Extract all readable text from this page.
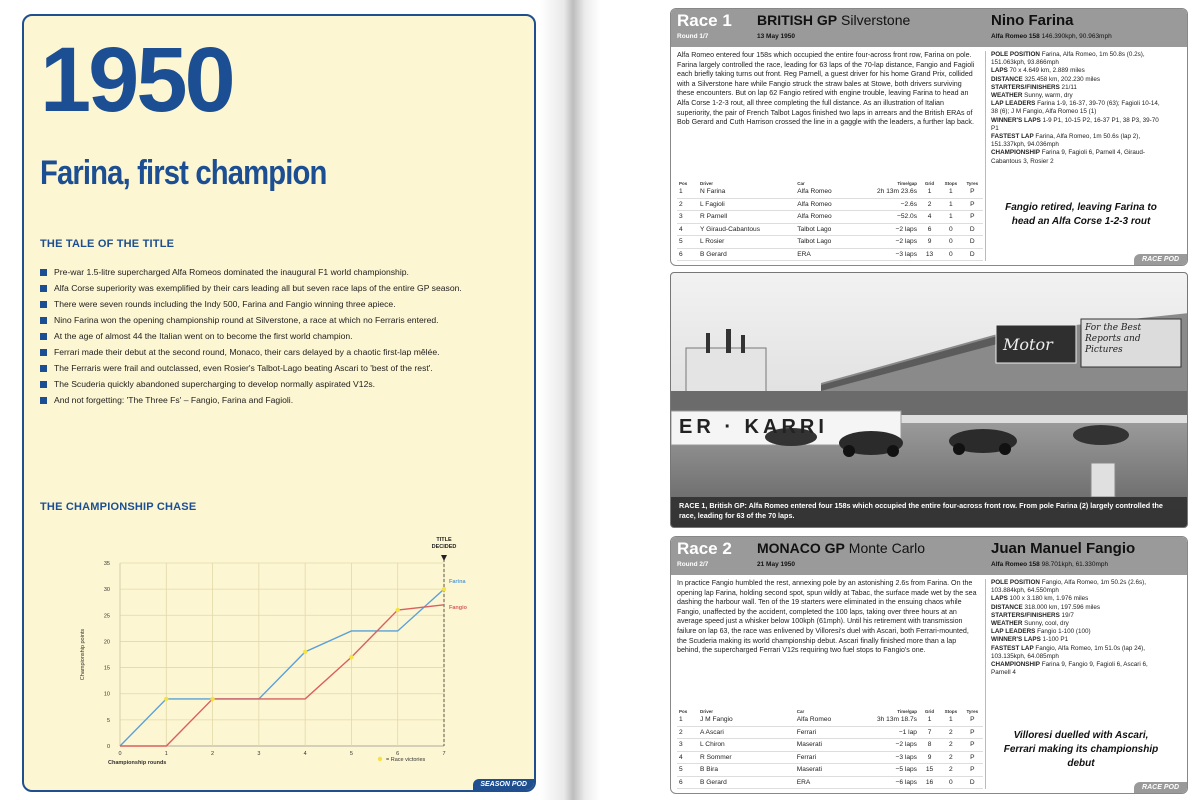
1950
Farina, first champion
THE TALE OF THE TITLE
Pre-war 1.5-litre supercharged Alfa Romeos dominated the inaugural F1 world championship.
Alfa Corse superiority was exemplified by their cars leading all but seven race laps of the entire GP season.
There were seven rounds including the Indy 500, Farina and Fangio winning three apiece.
Nino Farina won the opening championship round at Silverstone, a race at which no Ferraris entered.
At the age of almost 44 the Italian went on to become the first world champion.
Ferrari made their debut at the second round, Monaco, their cars delayed by a chaotic first-lap mêlée.
The Ferraris were frail and outclassed, even Rosier's Talbot-Lago beating Ascari to 'best of the rest'.
The Scuderia quickly abandoned supercharging to develop normally aspirated V12s.
And not forgetting: 'The Three Fs' – Fangio, Farina and Fagioli.
THE CHAMPIONSHIP CHASE
0
5
10
15
20
25
30
35
0	1	2	3	4	5	6	7
Championship points
Championship rounds
TITLE
DECIDED
Farina
Fangio
= Race victories
SEASON POD
Race 1
Round 1/7
BRITISH GP Silverstone
13 May 1950
Nino Farina
Alfa Romeo 158 146.390kph, 90.963mph
Alfa Romeo entered four 158s which occupied the entire four-across front row, Farina on pole. Farina largely controlled the race, leading for 63 laps of the 70-lap distance, Fangio and Fagioli each briefly taking turns out front. Reg Parnell, a guest driver for his home Grand Prix, collided with a Silverstone hare while Fangio struck the straw bales at Stowe, both drivers surviving these encounters. But on lap 62 Fangio retired with engine trouble, leaving Farina to head an Alfa Corse 1-2-3 rout, all three completing the full distance. As an illustration of Italian superiority, the pair of French Talbot Lagos finished two laps in arrears and the British ERAs of Bob Gerard and Cuth Harrison crossed the line in a gaggle with the leaders, a further lap back.
POLE POSITION Farina, Alfa Romeo, 1m 50.8s (0.2s), 151.063kph, 93.866mph
LAPS 70 x 4.649 km, 2.889 miles
DISTANCE 325.458 km, 202.230 miles
STARTERS/FINISHERS 21/11
WEATHER Sunny, warm, dry
LAP LEADERS Farina 1-9, 16-37, 39-70 (63); Fagioli 10-14, 38 (6); J M Fangio, Alfa Romeo 15 (1)
WINNER'S LAPS 1-9 P1, 10-15 P2, 16-37 P1, 38 P3, 39-70 P1
FASTEST LAP Farina, Alfa Romeo, 1m 50.6s (lap 2), 151.337kph, 94.036mph
CHAMPIONSHIP Farina 9, Fagioli 6, Parnell 4, Giraud-Cabantous 3, Rosier 2
Pos	Driver	Car	Time/gap	Grid	Stops	Tyres
1	N Farina	Alfa Romeo	2h 13m 23.6s	1	1	P
2	L Fagioli	Alfa Romeo	−2.6s	2	1	P
3	R Parnell	Alfa Romeo	−52.0s	4	1	P
4	Y Giraud-Cabantous	Talbot Lago	−2 laps	6	0	D
5	L Rosier	Talbot Lago	−2 laps	9	0	D
6	B Gerard	ERA	−3 laps	13	0	D
Fangio retired, leaving Farina to head an Alfa Corse 1-2-3 rout
RACE POD
Motor
For the Best Reports and Pictures
ER · KARRI
RACE 1, British GP: Alfa Romeo entered four 158s which occupied the entire four-across front row. From pole Farina (2) largely controlled the race, leading for 63 of the 70 laps.
Race 2
Round 2/7
MONACO GP Monte Carlo
21 May 1950
Juan Manuel Fangio
Alfa Romeo 158 98.701kph, 61.330mph
In practice Fangio humbled the rest, annexing pole by an astonishing 2.6s from Farina. On the opening lap Farina, holding second spot, spun wildly at Tabac, the surface made wet by the sea dashing the harbour wall. Ten of the 19 starters were eliminated in the ensuing chaos while Fangio, unaffected by the accident, completed the 100 laps, taking over three hours at an average speed just a whisker below 100kph (61mph). Until his retirement with transmission failure on lap 63, the race was enlivened by Villoresi's duel with Ascari, both Ferrari-mounted, the Scuderia making its world championship debut. Ascari finally finished more than a lap behind, the supercharged Ferrari V12s requiring two fuel stops to Fangio's one.
POLE POSITION Fangio, Alfa Romeo, 1m 50.2s (2.6s), 103.884kph, 64.550mph
LAPS 100 x 3.180 km, 1.976 miles
DISTANCE 318.000 km, 197.596 miles
STARTERS/FINISHERS 19/7
WEATHER Sunny, cool, dry
LAP LEADERS Fangio 1-100 (100)
WINNER'S LAPS 1-100 P1
FASTEST LAP Fangio, Alfa Romeo, 1m 51.0s (lap 24), 103.135kph, 64.085mph
CHAMPIONSHIP Farina 9, Fangio 9, Fagioli 6, Ascari 6, Parnell 4
Pos	Driver	Car	Time/gap	Grid	Stops	Tyres
1	J M Fangio	Alfa Romeo	3h 13m 18.7s	1	1	P
2	A Ascari	Ferrari	−1 lap	7	2	P
3	L Chiron	Maserati	−2 laps	8	2	P
4	R Sommer	Ferrari	−3 laps	9	2	P
5	B Bira	Maserati	−5 laps	15	2	P
6	B Gerard	ERA	−6 laps	16	0	D
Villoresi duelled with Ascari, Ferrari making its championship debut
RACE POD
